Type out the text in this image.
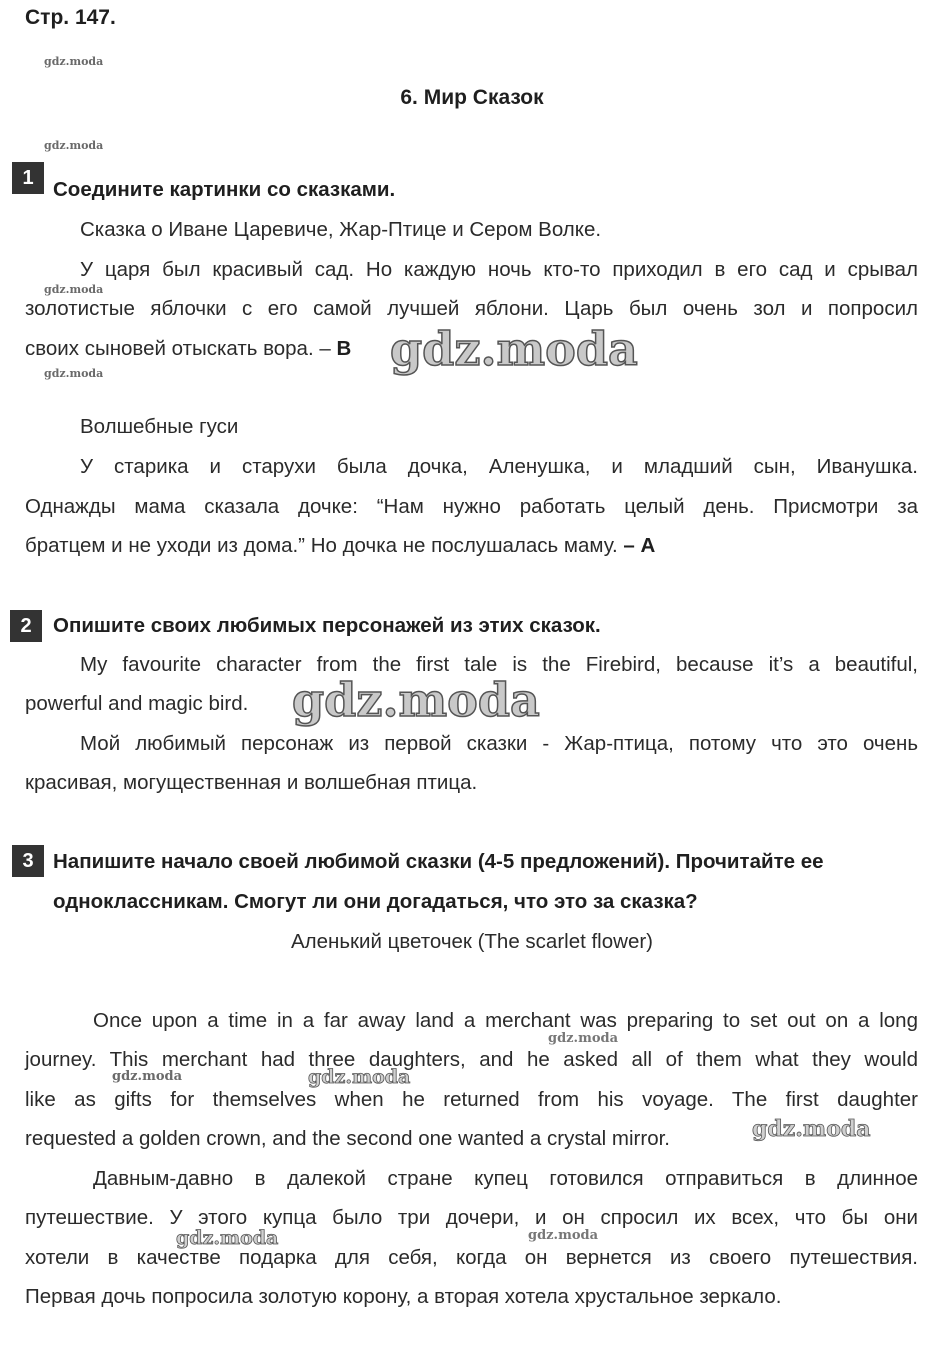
Стр. 147.
gdz.moda
6. Мир Сказок
gdz.moda
1 Соедините картинки со сказками.
Сказка о Иване Царевиче, Жар-Птице и Сером Волке.
У царя был красивый сад. Но каждую ночь кто-то приходил в его сад и срывал
gdz.moda
золотистые яблочки с его самой лучшей яблони. Царь был очень зол и попросил
своих сыновей отыскать вора. – B gdz.moda
gdz.moda
Волшебные гуси
У старика и старухи была дочка, Аленушка, и младший сын, Иванушка.
Однажды мама сказала дочке: “Нам нужно работать целый день. Присмотри за
братцем и не уходи из дома.” Но дочка не послушалась маму. – A
2	Опишите своих любимых персонажей из этих сказок.
My favourite character from the first tale is the Firebird, because it’s a beautiful,
powerful and magic bird. gdz.moda
Мой любимый персонаж из первой сказки - Жар-птица, потому что это очень
красивая, могущественная и волшебная птица.
3 Напишите начало своей любимой сказки (4-5 предложений). Прочитайте ее
одноклассникам. Смогут ли они догадаться, что это за сказка?
Аленький цветочек (The scarlet flower)
Once upon a time in a far away land a merchant was preparing to set out on a long
gdz.moda
journey. This merchant had three daughters, and he asked all of them what they would
gdz.moda	gdz.moda
like as gifts for themselves when he returned from his voyage. The first daughter
requested a golden crown, and the second one wanted a crystal mirror.	gdz.moda
Давным-давно в далекой стране купец готовился отправиться в длинное
путешествие. У этого купца было три дочери, и он спросил их всех, что бы они
gdz.moda
gdz.moda
хотели в качестве подарка для себя, когда он вернется из своего путешествия.
Первая дочь попросила золотую корону, а вторая хотела хрустальное зеркало.
